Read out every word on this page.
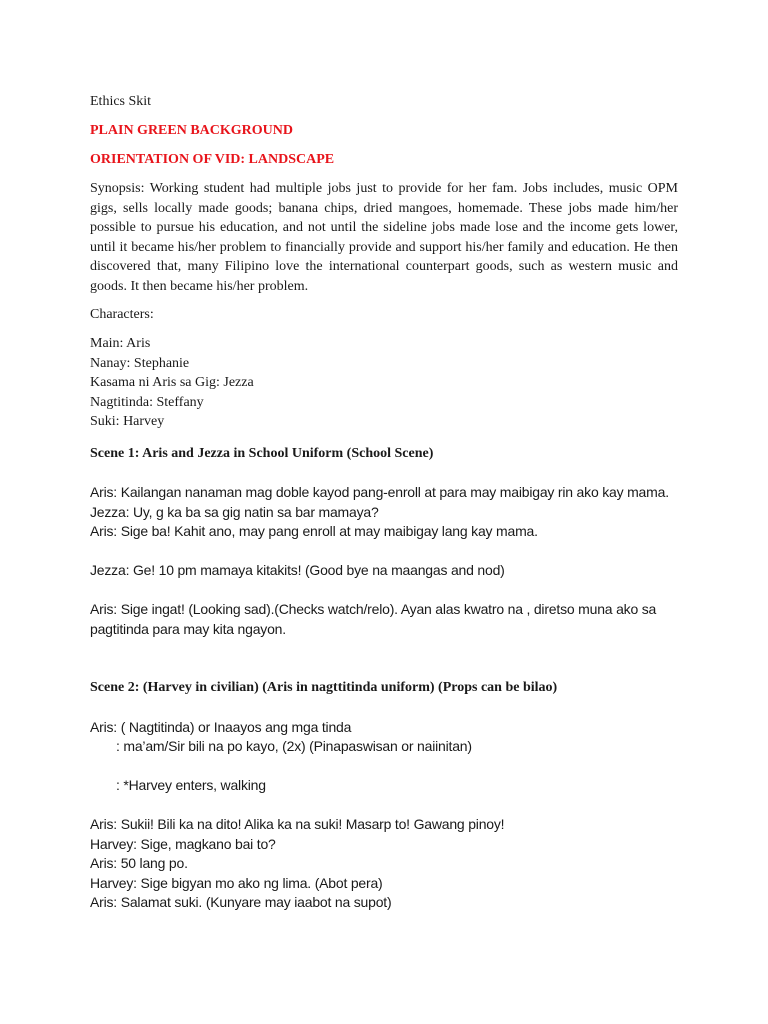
Ethics Skit
PLAIN GREEN BACKGROUND
ORIENTATION OF VID: LANDSCAPE
Synopsis: Working student had multiple jobs just to provide for her fam. Jobs includes, music OPM gigs, sells locally made goods; banana chips, dried mangoes, homemade. These jobs made him/her possible to pursue his education, and not until the sideline jobs made lose and the income gets lower, until it became his/her problem to financially provide and support his/her family and education. He then discovered that, many Filipino love the international counterpart goods, such as western music and goods. It then became his/her problem.
Characters:
Main: Aris
Nanay: Stephanie
Kasama ni Aris sa Gig: Jezza
Nagtitinda: Steffany
Suki: Harvey
Scene 1: Aris and Jezza in School Uniform (School Scene)
Aris: Kailangan nanaman mag doble kayod pang-enroll at para may maibigay rin ako kay mama.
Jezza: Uy, g ka ba sa gig natin sa bar mamaya?
Aris: Sige ba! Kahit ano, may pang enroll at may maibigay lang kay mama.
Jezza: Ge! 10 pm mamaya kitakits! (Good bye na maangas and nod)
Aris: Sige ingat! (Looking sad).(Checks watch/relo). Ayan alas kwatro na , diretso muna ako sa
pagtitinda para may kita ngayon.
Scene 2: (Harvey in civilian) (Aris in nagttitinda uniform) (Props can be bilao)
Aris: ( Nagtitinda) or Inaayos ang mga tinda
: ma’am/Sir bili na po kayo, (2x) (Pinapaswisan or naiinitan)
: *Harvey enters, walking
Aris: Sukii! Bili ka na dito! Alika ka na suki! Masarp to! Gawang pinoy!
Harvey: Sige, magkano bai to?
Aris: 50 lang po.
Harvey: Sige bigyan mo ako ng lima. (Abot pera)
Aris: Salamat suki. (Kunyare may iaabot na supot)
